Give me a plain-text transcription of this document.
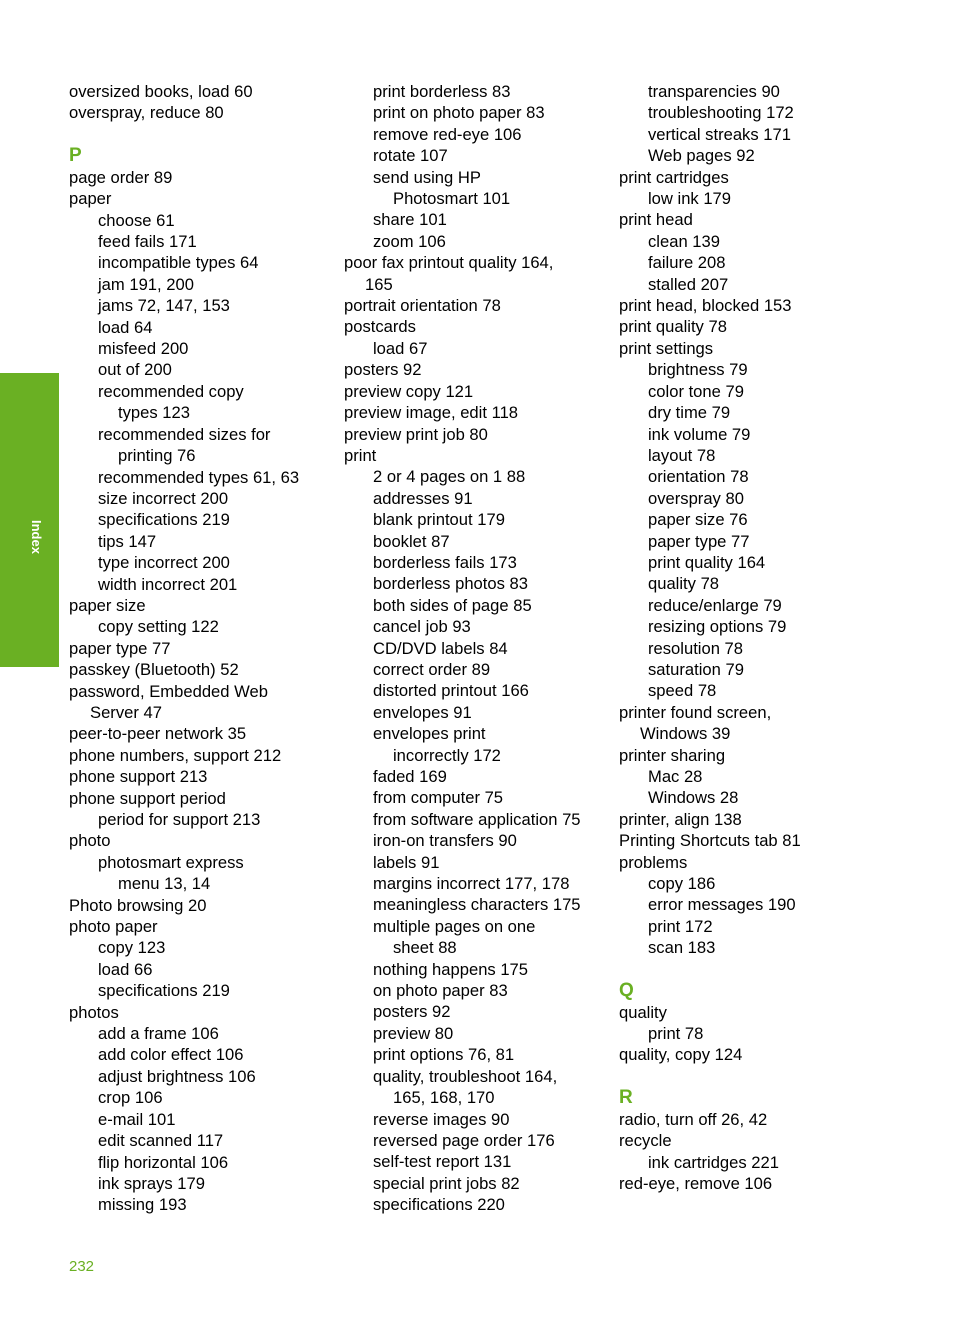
Index
oversized books, load 60
overspray, reduce 80
P
page order 89
paper
choose 61
feed fails 171
incompatible types 64
jam 191, 200
jams 72, 147, 153
load 64
misfeed 200
out of 200
recommended copy
types 123
recommended sizes for
printing 76
recommended types 61, 63
size incorrect 200
specifications 219
tips 147
type incorrect 200
width incorrect 201
paper size
copy setting 122
paper type 77
passkey (Bluetooth) 52
password, Embedded Web
Server 47
peer-to-peer network 35
phone numbers, support 212
phone support 213
phone support period
period for support 213
photo
photosmart express
menu 13, 14
Photo browsing 20
photo paper
copy 123
load 66
specifications 219
photos
add a frame 106
add color effect 106
adjust brightness 106
crop 106
e-mail 101
edit scanned 117
flip horizontal 106
ink sprays 179
missing 193
print borderless 83
print on photo paper 83
remove red-eye 106
rotate 107
send using HP
Photosmart 101
share 101
zoom 106
poor fax printout quality 164,
165
portrait orientation 78
postcards
load 67
posters 92
preview copy 121
preview image, edit 118
preview print job 80
print
2 or 4 pages on 1 88
addresses 91
blank printout 179
booklet 87
borderless fails 173
borderless photos 83
both sides of page 85
cancel job 93
CD/DVD labels 84
correct order 89
distorted printout 166
envelopes 91
envelopes print
incorrectly 172
faded 169
from computer 75
from software application 75
iron-on transfers 90
labels 91
margins incorrect 177, 178
meaningless characters 175
multiple pages on one
sheet 88
nothing happens 175
on photo paper 83
posters 92
preview 80
print options 76, 81
quality, troubleshoot 164,
165, 168, 170
reverse images 90
reversed page order 176
self-test report 131
special print jobs 82
specifications 220
transparencies 90
troubleshooting 172
vertical streaks 171
Web pages 92
print cartridges
low ink 179
print head
clean 139
failure 208
stalled 207
print head, blocked 153
print quality 78
print settings
brightness 79
color tone 79
dry time 79
ink volume 79
layout 78
orientation 78
overspray 80
paper size 76
paper type 77
print quality 164
quality 78
reduce/enlarge 79
resizing options 79
resolution 78
saturation 79
speed 78
printer found screen,
Windows 39
printer sharing
Mac 28
Windows 28
printer, align 138
Printing Shortcuts tab 81
problems
copy 186
error messages 190
print 172
scan 183
Q
quality
print 78
quality, copy 124
R
radio, turn off 26, 42
recycle
ink cartridges 221
red-eye, remove 106
232
